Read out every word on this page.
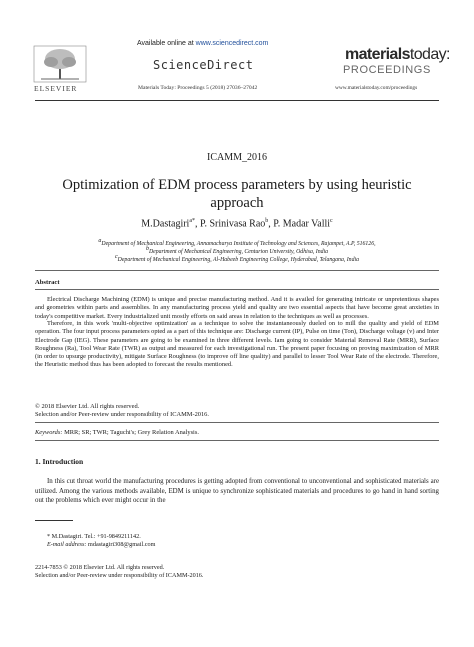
Available online at www.sciencedirect.com
ScienceDirect
Materials Today: Proceedings 5 (2018) 27036–27042
ELSEVIER
materialstoday:
PROCEEDINGS
www.materialstoday.com/proceedings
ICAMM_2016
Optimization of EDM process parameters by using heuristic approach
M.Dastagiri$^{a*}$, P. Srinivasa Rao$^b$, P. Madar Valli$^c$
$^a$Department of Mechanical Engineering, Annamacharya Institute of Technology and Sciences, Rajampet, A.P, 516126,
$^b$Department of Mechanical Engineering, Centurion University, Odhisa, India
$^c$Department of Mechanical Engineering, Al-Habeeb Engineering College, Hyderabad, Telangana, India
Abstract
Electrical Discharge Machining (EDM) is unique and precise manufacturing method. And it is availed for generating intricate or unpretentious shapes and geometries within parts and assemblies. In any manufacturing process yield and quality are two essential aspects that have become great anxieties in today's competitive market. Every industrialized unit mostly efforts on said areas in relation to the techniques as well as processes.
Therefore, in this work 'multi-objective optimization' as a technique to solve the instantaneously dueled on to mill the quality and yield of EDM operation. The four input process parameters opted as a part of this technique are: Discharge current (IP), Pulse on time (Ton), Discharge voltage (v) and Inter Electrode Gap (IEG). These parameters are going to be examined in three different levels. Iam going to consider Material Removal Rate (MRR), Surface Roughness (Ra), Tool Wear Rate (TWR) as output and measured for each investigational run. The present paper focusing on proving maximization of MRR (in order to upsurge productivity), mitigate Surface Roughness (to improve off line quality) and parallel to lesser Tool Wear Rate of the electrode. Therefore, the Heuristic method thus has been adopted to forecast the results mentioned.
© 2018 Elsevier Ltd. All rights reserved.
Selection and/or Peer-review under responsibility of ICAMM-2016.
Keywords: MRR; SR; TWR; Taguchi's; Grey Relation Analysis.
1. Introduction
In this cut throat world the manufacturing procedures is getting adopted from conventional to unconventional and sophisticated materials are utilized. Among the various methods available, EDM is unique to synchronize sophisticated materials and procedures to go hand in hand sorting out the problems which ever might occur in the
* M.Dastagiri. Tel.: +91-9849211142.
E-mail address: mdastagiri308@gmail.com
2214-7853 © 2018 Elsevier Ltd. All rights reserved.
Selection and/or Peer-review under responsibility of ICAMM-2016.
